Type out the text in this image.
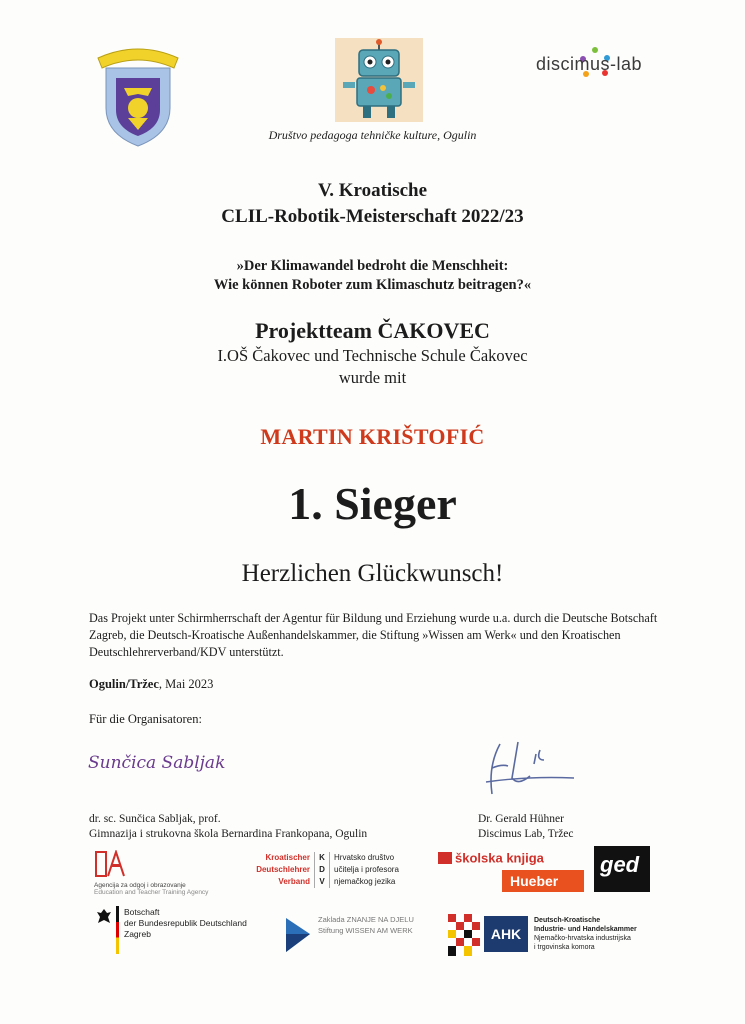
discimus-lab
Društvo pedagoga tehničke kulture, Ogulin
V. Kroatische
CLIL-Robotik-Meisterschaft 2022/23
»Der Klimawandel bedroht die Menschheit:
Wie können Roboter zum Klimaschutz beitragen?«
Projektteam ČAKOVEC
I.OŠ Čakovec und Technische Schule Čakovec
wurde mit
MARTIN KRIŠTOFIĆ
1. Sieger
Herzlichen Glückwunsch!
Das Projekt unter Schirmherrschaft der Agentur für Bildung und Erziehung wurde u.a. durch die Deutsche Botschaft Zagreb, die Deutsch-Kroatische Außenhandelskammer, die Stiftung »Wissen am Werk« und den Kroatischen Deutschlehrerverband/KDV unterstützt.
Ogulin/Tržec, Mai 2023
Für die Organisatoren:
Sunčica Sabljak
dr. sc. Sunčica Sabljak, prof.
Gimnazija i strukovna škola Bernardina Frankopana, Ogulin
Dr. Gerald Hühner
Discimus Lab, Tržec
Agencija za odgoj i obrazovanje
Education and Teacher Training Agency
Kroatischer
Deutschlehrer
Verband
K
D
V
Hrvatsko društvo
učitelja i profesora
njemačkog jezika
školska knjiga
Hueber
ged
Botschaft
der Bundesrepublik Deutschland
Zagreb
Zaklada ZNANJE NA DJELU
Stiftung WISSEN AM WERK	AHK
Deutsch-Kroatische
Industrie- und Handelskammer
Njemačko-hrvatska industrijska
i trgovinska komora
